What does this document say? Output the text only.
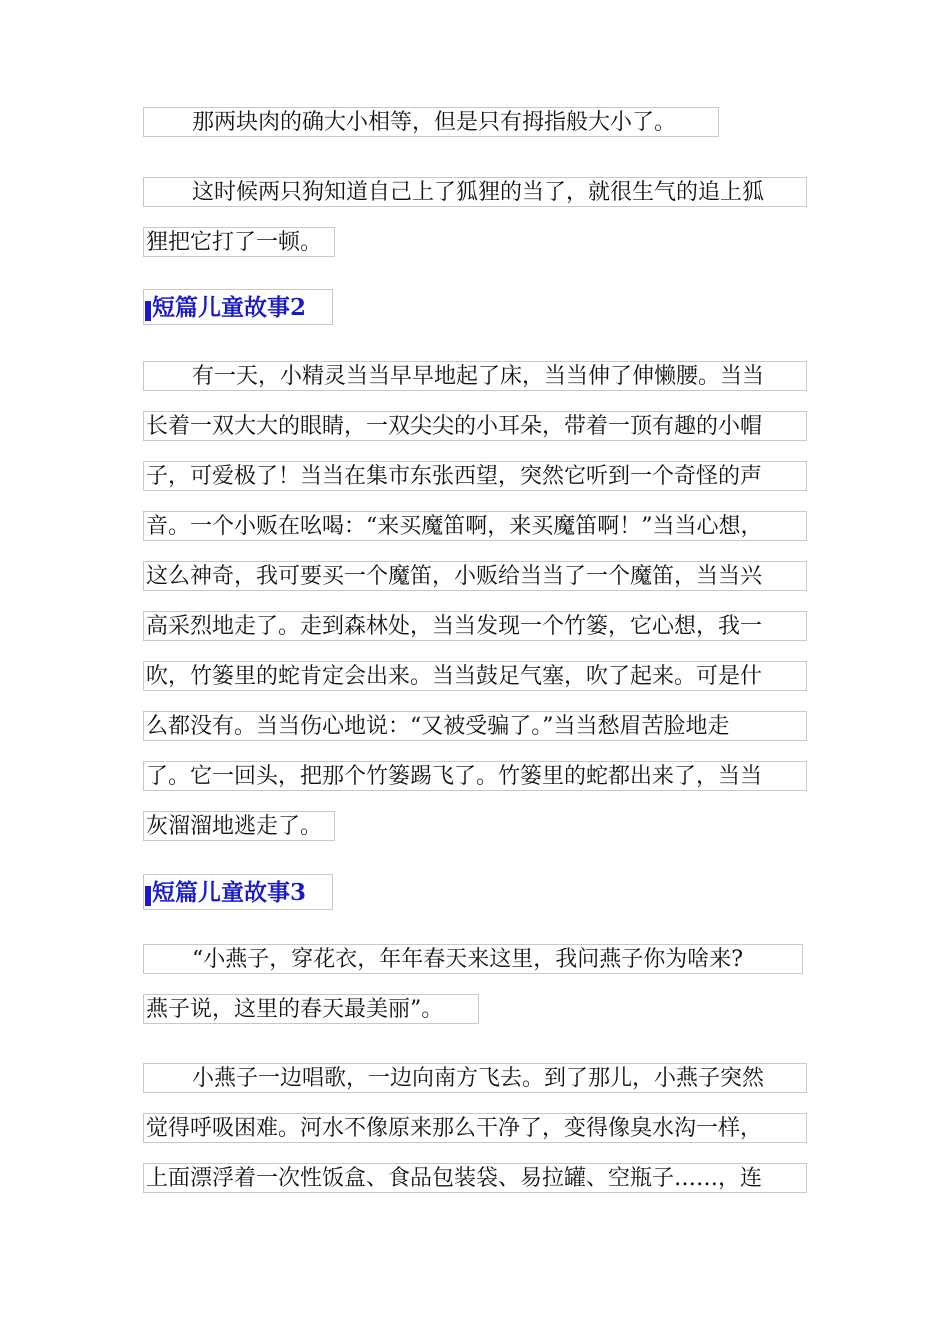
那两块肉的确大小相等，但是只有拇指般大小了。
这时候两只狗知道自己上了狐狸的当了，就很生气的追上狐
狸把它打了一顿。
短篇儿童故事2
有一天，小精灵当当早早地起了床，当当伸了伸懒腰。当当
长着一双大大的眼睛，一双尖尖的小耳朵，带着一顶有趣的小帽
子，可爱极了！当当在集市东张西望，突然它听到一个奇怪的声
音。一个小贩在吆喝：“来买魔笛啊，来买魔笛啊！”当当心想，
这么神奇，我可要买一个魔笛，小贩给当当了一个魔笛，当当兴
高采烈地走了。走到森林处，当当发现一个竹篓，它心想，我一
吹，竹篓里的蛇肯定会出来。当当鼓足气塞，吹了起来。可是什
么都没有。当当伤心地说：“又被受骗了。”当当愁眉苦脸地走
了。它一回头，把那个竹篓踢飞了。竹篓里的蛇都出来了，当当
灰溜溜地逃走了。
短篇儿童故事3
“小燕子，穿花衣，年年春天来这里，我问燕子你为啥来?
燕子说，这里的春天最美丽”。
小燕子一边唱歌，一边向南方飞去。到了那儿，小燕子突然
觉得呼吸困难。河水不像原来那么干净了，变得像臭水沟一样，
上面漂浮着一次性饭盒、食品包装袋、易拉罐、空瓶子……，连
